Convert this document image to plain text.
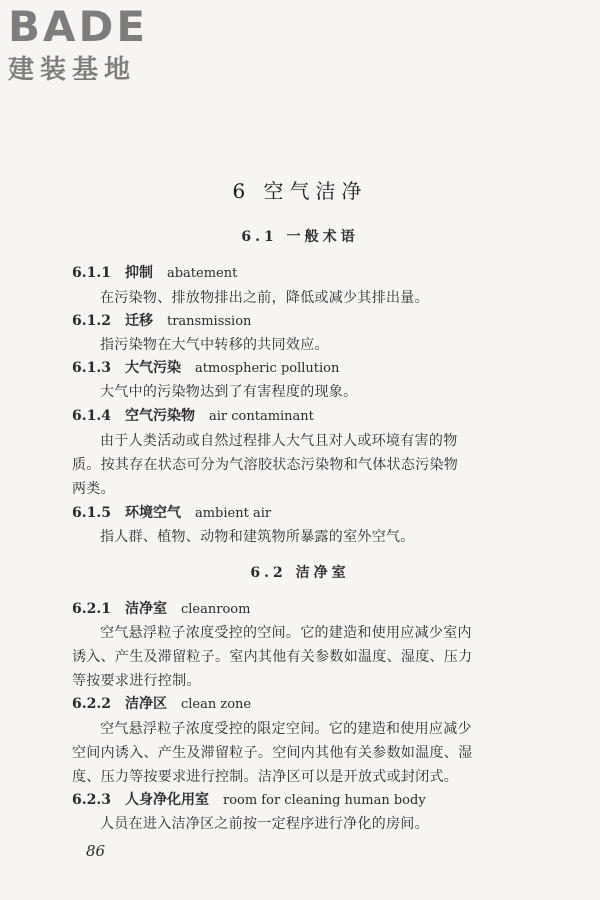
BADE
建装基地
6 空气洁净
6.1 一般术语
6.1.1 抑制 abatement
在污染物、排放物排出之前，降低或减少其排出量。
6.1.2 迁移 transmission
指污染物在大气中转移的共同效应。
6.1.3 大气污染 atmospheric pollution
大气中的污染物达到了有害程度的现象。
6.1.4 空气污染物 air contaminant
由于人类活动或自然过程排人大气且对人或环境有害的物
质。按其存在状态可分为气溶胶状态污染物和气体状态污染物
两类。
6.1.5 环境空气 ambient air
指人群、植物、动物和建筑物所暴露的室外空气。
6.2 洁净室
6.2.1 洁净室 cleanroom
空气悬浮粒子浓度受控的空间。它的建造和使用应减少室内
诱入、产生及滞留粒子。室内其他有关参数如温度、湿度、压力
等按要求进行控制。
6.2.2 洁净区 clean zone
空气悬浮粒子浓度受控的限定空间。它的建造和使用应减少
空间内诱入、产生及滞留粒子。空间内其他有关参数如温度、湿
度、压力等按要求进行控制。洁净区可以是开放式或封闭式。
6.2.3 人身净化用室 room for cleaning human body
人员在进入洁净区之前按一定程序进行净化的房间。
86
